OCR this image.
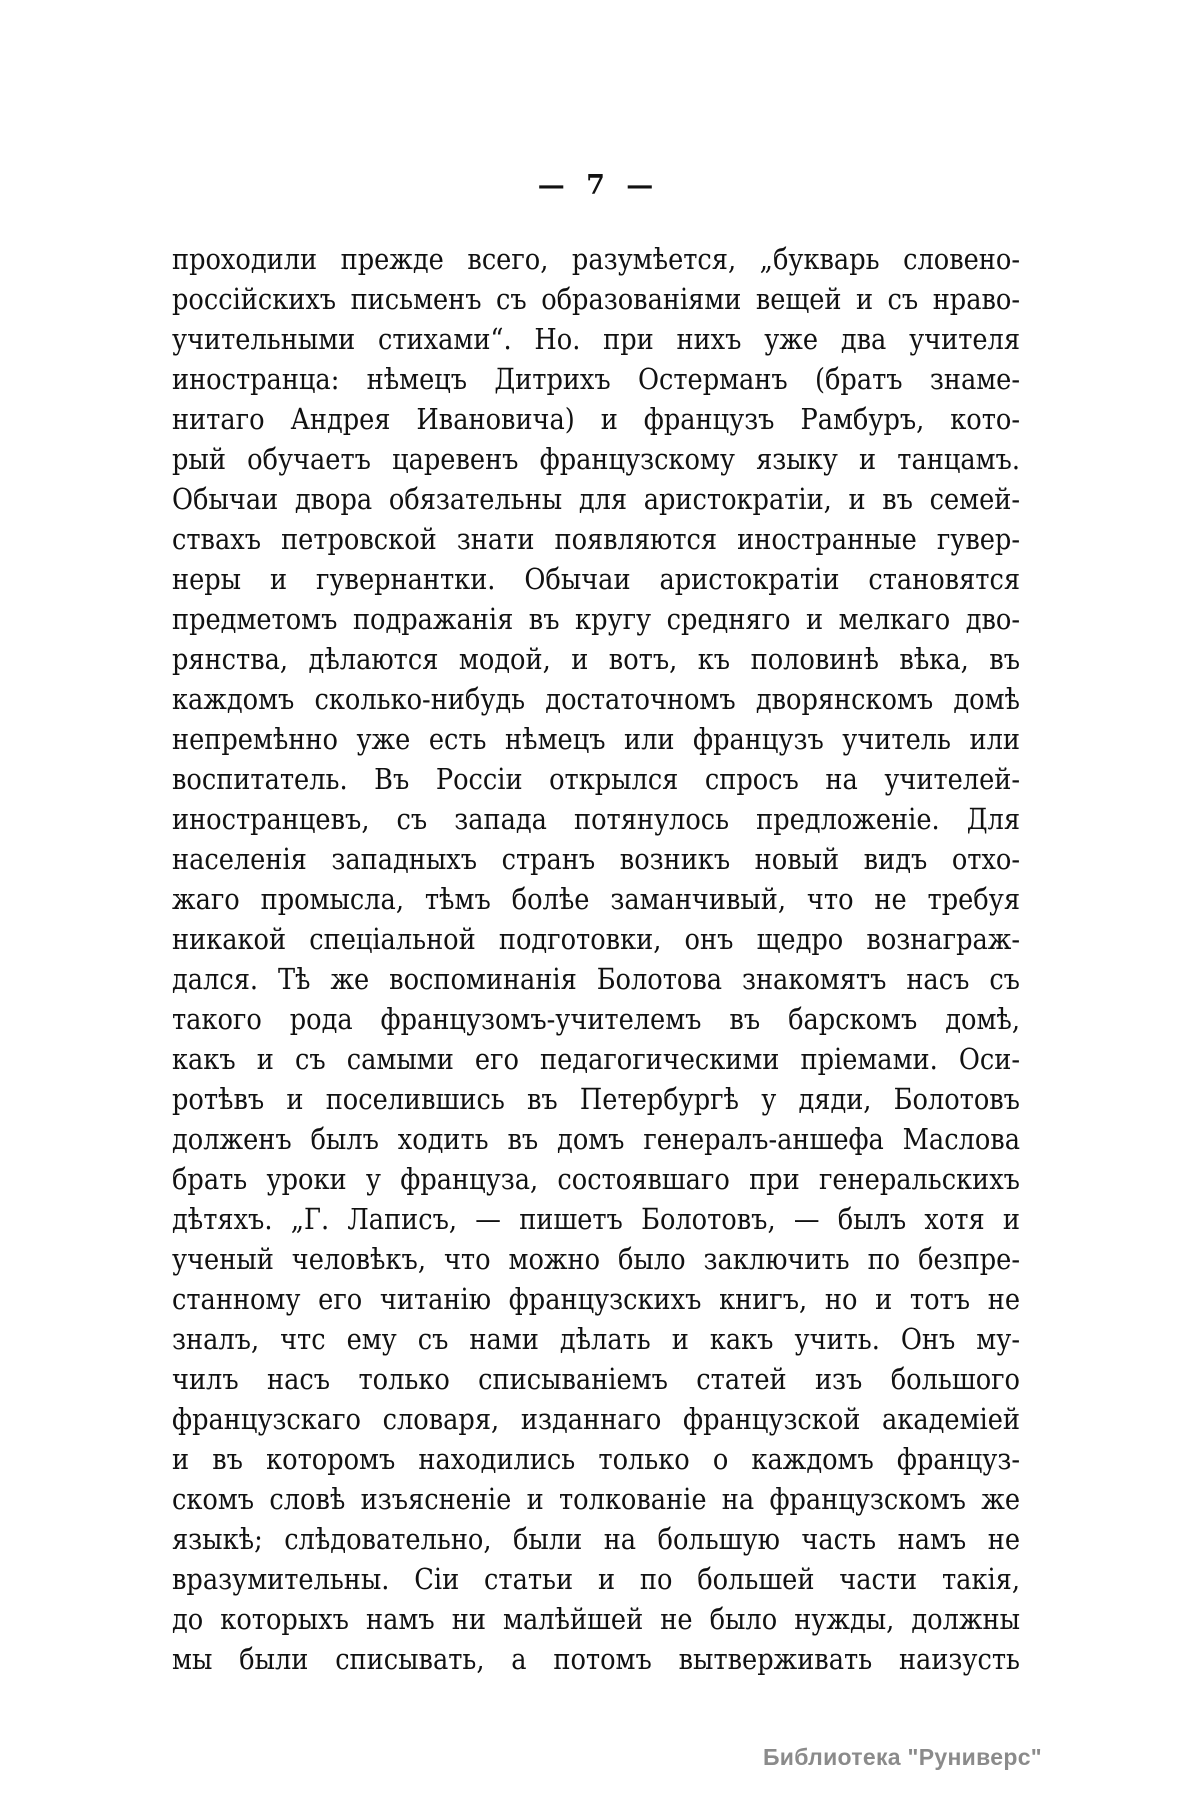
— 7 —
проходили прежде всего, разумѣется, „букварь словено-
россійскихъ письменъ съ образованіями вещей и съ нраво-
учительными стихами“. Но. при нихъ уже два учителя
иностранца: нѣмецъ Дитрихъ Остерманъ (братъ знаме-
нитаго Андрея Ивановича) и французъ Рамбуръ, кото-
рый обучаетъ царевенъ французскому языку и танцамъ.
Обычаи двора обязательны для аристократіи, и въ семей-
ствахъ петровской знати появляются иностранные гувер-
неры и гувернантки. Обычаи аристократіи становятся
предметомъ подражанія въ кругу средняго и мелкаго дво-
рянства, дѣлаются модой, и вотъ, къ половинѣ вѣка, въ
каждомъ сколько-нибудь достаточномъ дворянскомъ домѣ
непремѣнно уже есть нѣмецъ или французъ учитель или
воспитатель. Въ Россіи открылся спросъ на учителей-
иностранцевъ, съ запада потянулось предложеніе. Для
населенія западныхъ странъ возникъ новый видъ отхо-
жаго промысла, тѣмъ болѣе заманчивый, что не требуя
никакой спеціальной подготовки, онъ щедро вознаграж-
дался. Тѣ же воспоминанія Болотова знакомятъ насъ съ
такого рода французомъ-учителемъ въ барскомъ домѣ,
какъ и съ самыми его педагогическими пріемами. Оси-
ротѣвъ и поселившись въ Петербургѣ у дяди, Болотовъ
долженъ былъ ходить въ домъ генералъ-аншефа Маслова
брать уроки у француза, состоявшаго при генеральскихъ
дѣтяхъ. „Г. Лаписъ, — пишетъ Болотовъ, — былъ хотя и
ученый человѣкъ, что можно было заключить по безпре-
станному его читанію французскихъ книгъ, но и тотъ не
зналъ, чтс ему съ нами дѣлать и какъ учить. Онъ му-
чилъ насъ только списываніемъ статей изъ большого
французскаго словаря, изданнаго французской академіей
и въ которомъ находились только о каждомъ француз-
скомъ словѣ изъясненіе и толкованіе на французскомъ же
языкѣ; слѣдовательно, были на большую часть намъ не
вразумительны. Сіи статьи и по большей части такія,
до которыхъ намъ ни малѣйшей не было нужды, должны
мы были списывать, а потомъ вытверживать наизусть
Библиотека "Руниверс"
